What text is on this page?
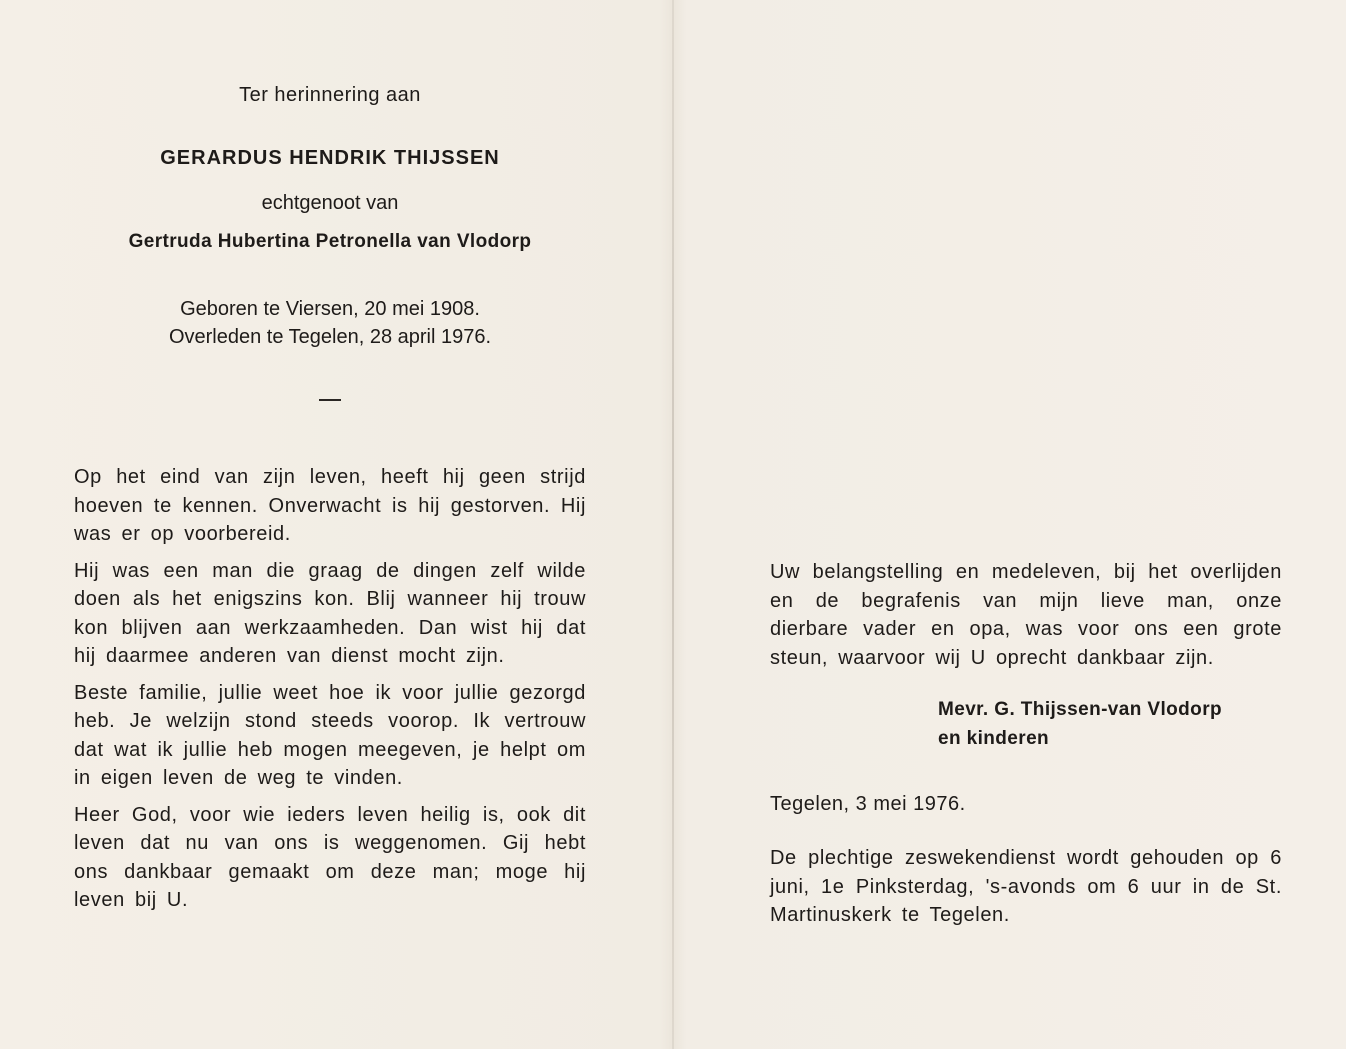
Ter herinnering aan

GERARDUS HENDRIK THIJSSEN

echtgenoot van

Gertruda Hubertina Petronella van Vlodorp

Geboren te Viersen, 20 mei 1908.
Overleden te Tegelen, 28 april 1976.

Op het eind van zijn leven, heeft hij geen strijd hoeven te kennen. Onverwacht is hij gestorven. Hij was er op voorbereid.

Hij was een man die graag de dingen zelf wilde doen als het enigszins kon. Blij wanneer hij trouw kon blijven aan werkzaamheden. Dan wist hij dat hij daarmee anderen van dienst mocht zijn.

Beste familie, jullie weet hoe ik voor jullie gezorgd heb. Je welzijn stond steeds voorop. Ik vertrouw dat wat ik jullie heb mogen meegeven, je helpt om in eigen leven de weg te vinden.

Heer God, voor wie ieders leven heilig is, ook dit leven dat nu van ons is weggenomen. Gij hebt ons dankbaar gemaakt om deze man; moge hij leven bij U.

Uw belangstelling en medeleven, bij het overlijden en de begrafenis van mijn lieve man, onze dierbare vader en opa, was voor ons een grote steun, waarvoor wij U oprecht dankbaar zijn.

Mevr. G. Thijssen-van Vlodorp
en kinderen

Tegelen, 3 mei 1976.

De plechtige zeswekendienst wordt gehouden op 6 juni, 1e Pinksterdag, 's-avonds om 6 uur in de St. Martinuskerk te Tegelen.
